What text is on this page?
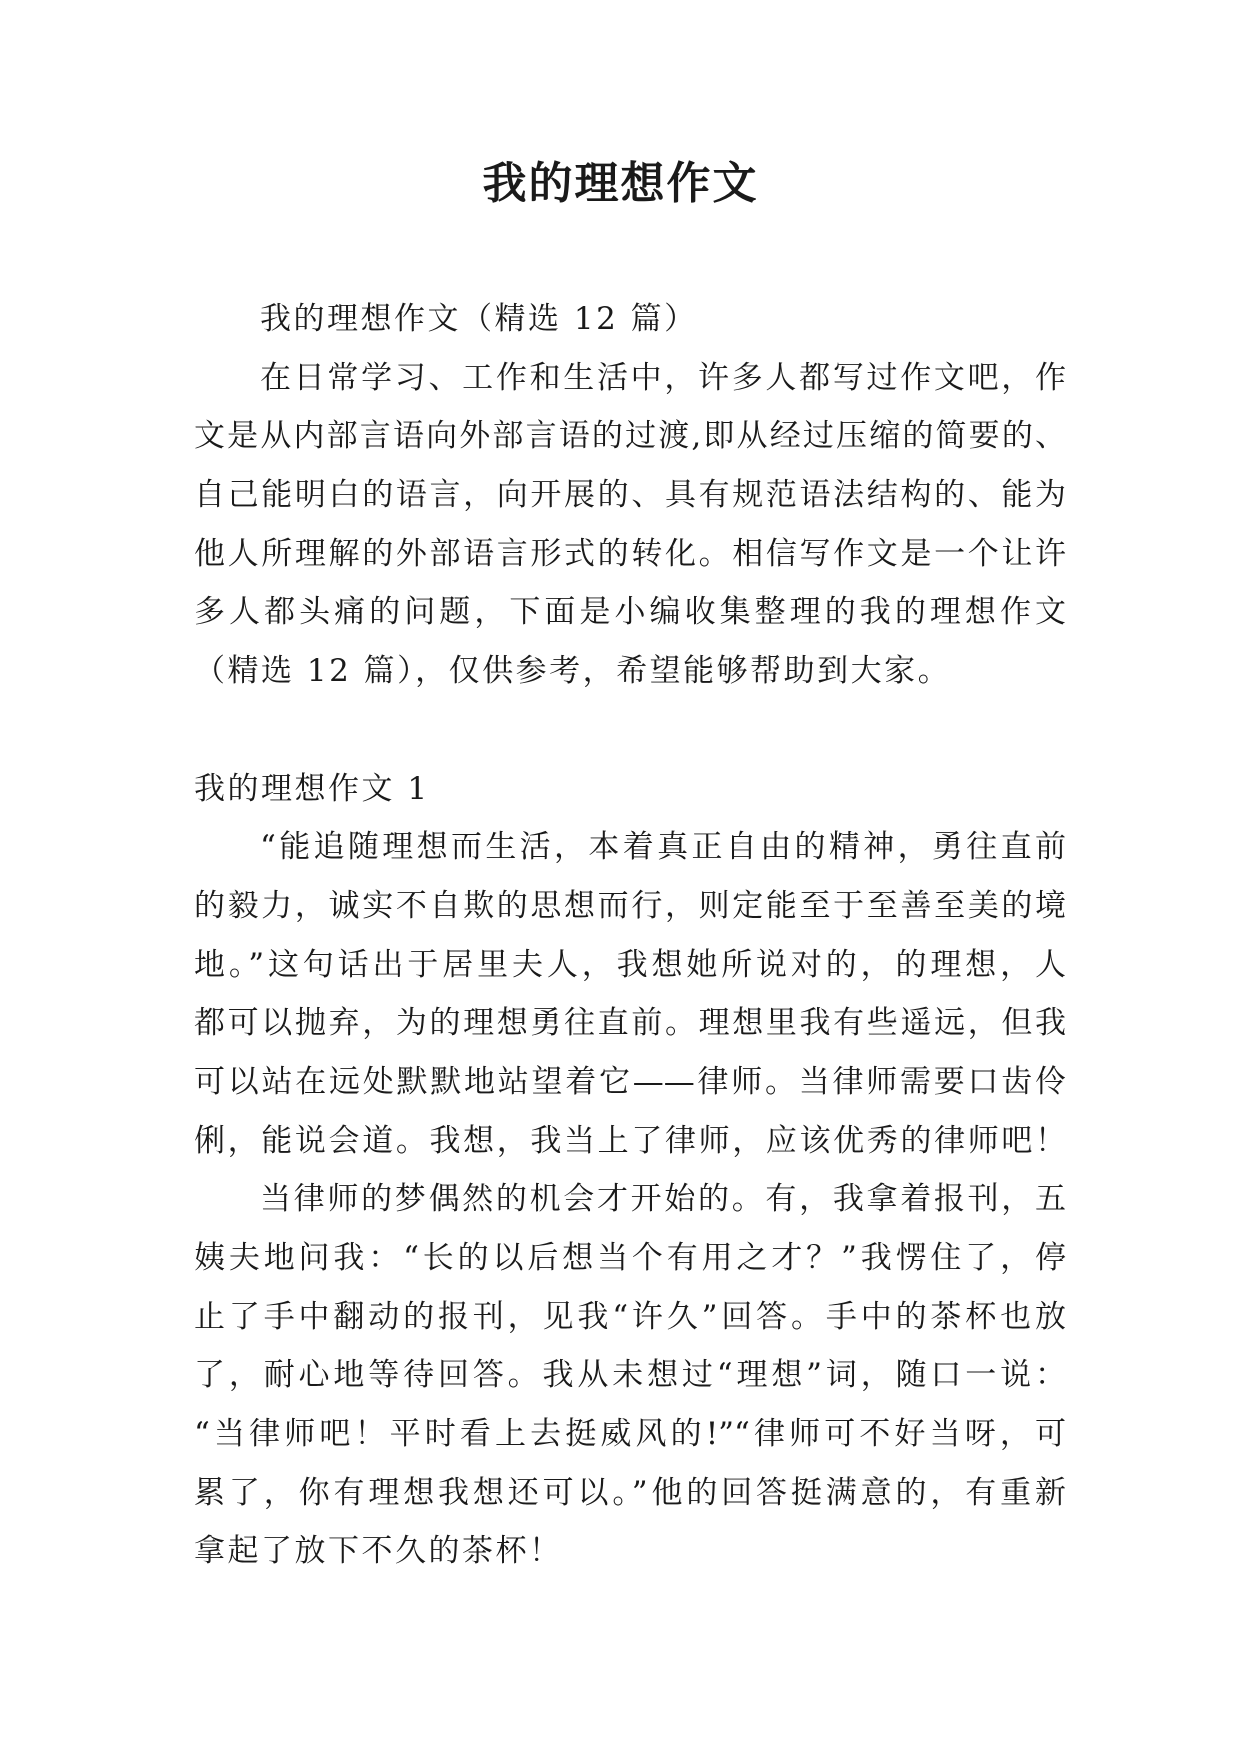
我的理想作文
我的理想作文（精选 12 篇）
在日常学习、工作和生活中，许多人都写过作文吧，作
文是从内部言语向外部言语的过渡,即从经过压缩的简要的、
自己能明白的语言，向开展的、具有规范语法结构的、能为
他人所理解的外部语言形式的转化。相信写作文是一个让许
多人都头痛的问题，下面是小编收集整理的我的理想作文
（精选 12 篇），仅供参考，希望能够帮助到大家。
我的理想作文 1
“能追随理想而生活，本着真正自由的精神，勇往直前
的毅力，诚实不自欺的思想而行，则定能至于至善至美的境
地。”这句话出于居里夫人，我想她所说对的，的理想，人
都可以抛弃，为的理想勇往直前。理想里我有些遥远，但我
可以站在远处默默地站望着它——律师。当律师需要口齿伶
俐，能说会道。我想，我当上了律师，应该优秀的律师吧！
当律师的梦偶然的机会才开始的。有，我拿着报刊，五
姨夫地问我：“长的以后想当个有用之才？”我愣住了，停
止了手中翻动的报刊，见我“许久”回答。手中的茶杯也放
了，耐心地等待回答。我从未想过“理想”词，随口一说：
“当律师吧！平时看上去挺威风的!”“律师可不好当呀，可
累了，你有理想我想还可以。”他的回答挺满意的，有重新
拿起了放下不久的茶杯！
